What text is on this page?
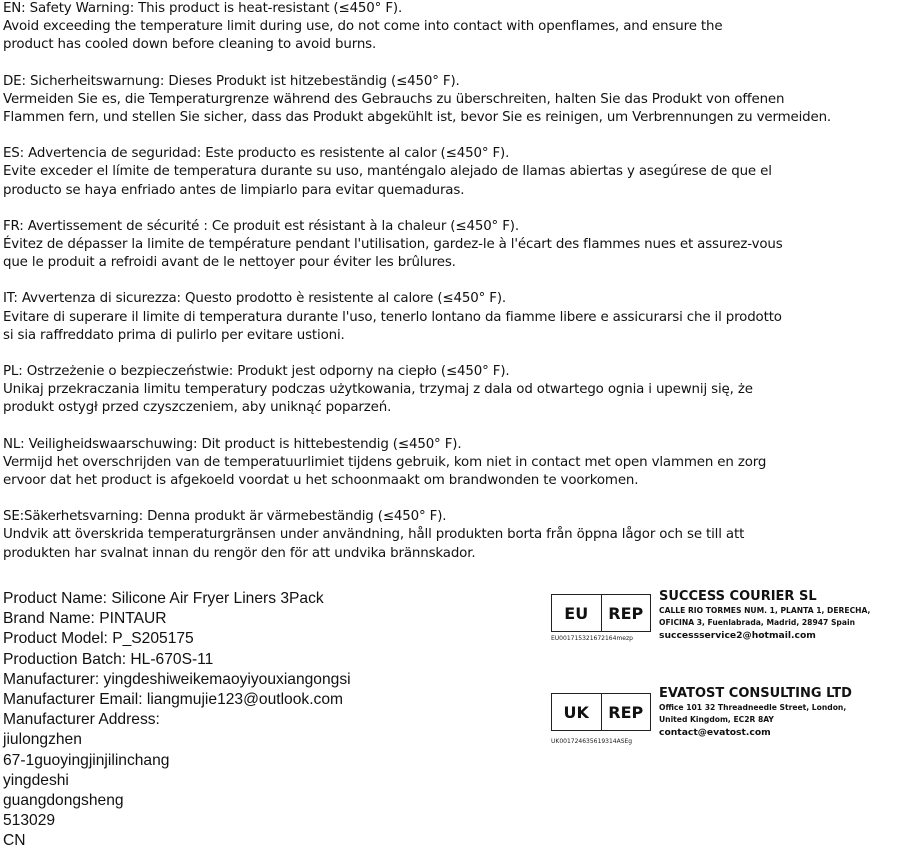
EN: Safety Warning: This product is heat-resistant (≤450° F).
Avoid exceeding the temperature limit during use, do not come into contact with openflames, and ensure the
product has cooled down before cleaning to avoid burns.
DE: Sicherheitswarnung: Dieses Produkt ist hitzebeständig (≤450° F).
Vermeiden Sie es, die Temperaturgrenze während des Gebrauchs zu überschreiten, halten Sie das Produkt von offenen
Flammen fern, und stellen Sie sicher, dass das Produkt abgekühlt ist, bevor Sie es reinigen, um Verbrennungen zu vermeiden.
ES: Advertencia de seguridad: Este producto es resistente al calor (≤450° F).
Evite exceder el límite de temperatura durante su uso, manténgalo alejado de llamas abiertas y asegúrese de que el
producto se haya enfriado antes de limpiarlo para evitar quemaduras.
FR: Avertissement de sécurité : Ce produit est résistant à la chaleur (≤450° F).
Évitez de dépasser la limite de température pendant l'utilisation, gardez-le à l'écart des flammes nues et assurez-vous
que le produit a refroidi avant de le nettoyer pour éviter les brûlures.
IT: Avvertenza di sicurezza: Questo prodotto è resistente al calore (≤450° F).
Evitare di superare il limite di temperatura durante l'uso, tenerlo lontano da fiamme libere e assicurarsi che il prodotto
si sia raffreddato prima di pulirlo per evitare ustioni.
PL: Ostrzeżenie o bezpieczeństwie: Produkt jest odporny na ciepło (≤450° F).
Unikaj przekraczania limitu temperatury podczas użytkowania, trzymaj z dala od otwartego ognia i upewnij się, że
produkt ostygł przed czyszczeniem, aby uniknąć poparzeń.
NL: Veiligheidswaarschuwing: Dit product is hittebestendig (≤450° F).
Vermijd het overschrijden van de temperatuurlimiet tijdens gebruik, kom niet in contact met open vlammen en zorg
ervoor dat het product is afgekoeld voordat u het schoonmaakt om brandwonden te voorkomen.
SE:Säkerhetsvarning: Denna produkt är värmebeständig (≤450° F).
Undvik att överskrida temperaturgränsen under användning, håll produkten borta från öppna lågor och se till att
produkten har svalnat innan du rengör den för att undvika brännskador.
Product Name: Silicone Air Fryer Liners 3Pack
Brand Name: PINTAUR
Product Model: P_S205175
Production Batch: HL-670S-11
Manufacturer: yingdeshiweikemaoyiyouxiangongsi
Manufacturer Email: liangmujie123@outlook.com
Manufacturer Address:
jiulongzhen
67-1guoyingjinjilinchang
yingdeshi
guangdongsheng
513029
CN
EU	REP
EU0017153216721​64mezp
SUCCESS COURIER SL
CALLE RIO TORMES NUM. 1, PLANTA 1, DERECHA,
OFICINA 3, Fuenlabrada, Madrid, 28947 Spain
successservice2@hotmail.com
UK	REP
UK0017246356193​14ASEg
EVATOST CONSULTING LTD
Office 101 32 Threadneedle Street, London,
United Kingdom, EC2R 8AY
contact@evatost.com
